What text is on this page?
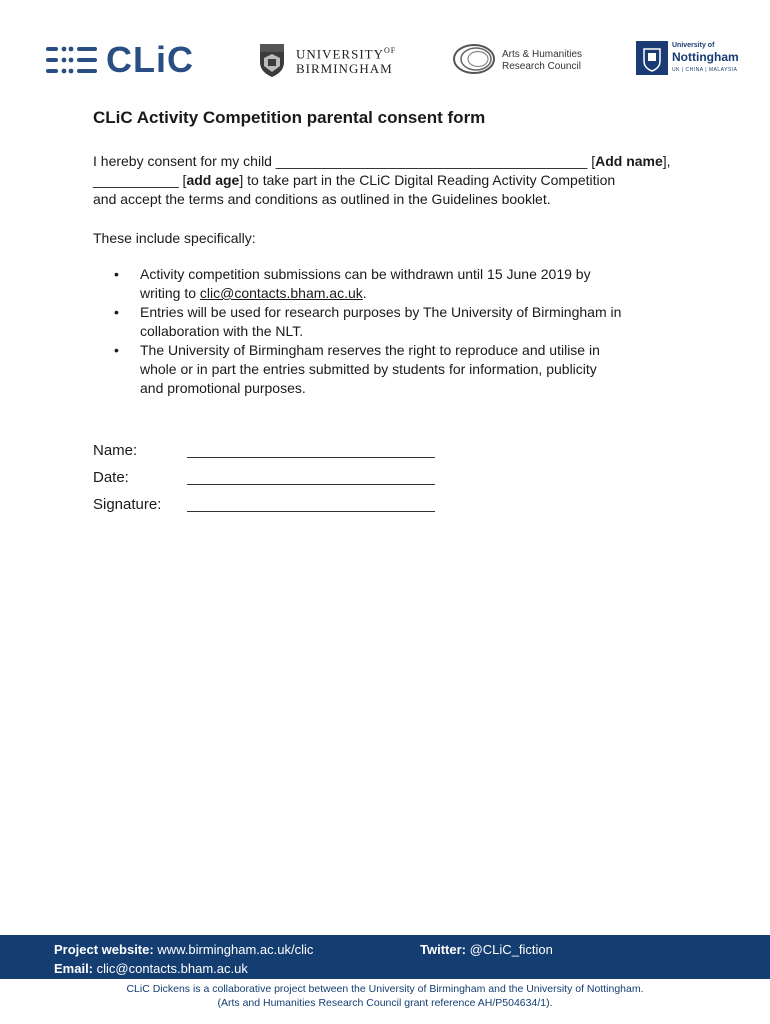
CLiC	$UNIVERSITY^{OF}$
BIRMINGHAM
Arts & Humanities
Research Council
University of
Nottingham
UK | CHINA | MALAYSIA
CLiC Activity Competition parental consent form
I hereby consent for my child ________________________________________ [Add name],
___________ [add age] to take part in the CLiC Digital Reading Activity Competition
and accept the terms and conditions as outlined in the Guidelines booklet.
These include specifically:
• Activity competition submissions can be withdrawn until 15 June 2019 by
writing to clic@contacts.bham.ac.uk.
• Entries will be used for research purposes by The University of Birmingham in
collaboration with the NLT.
• The University of Birmingham reserves the right to reproduce and utilise in
whole or in part the entries submitted by students for information, publicity
and promotional purposes.
Name:
Date:
Signature:
Project website: www.birmingham.ac.uk/clic	Twitter: @CLiC_fiction
Email: clic@contacts.bham.ac.uk
CLiC Dickens is a collaborative project between the University of Birmingham and the University of Nottingham.
(Arts and Humanities Research Council grant reference AH/P504634/1).
